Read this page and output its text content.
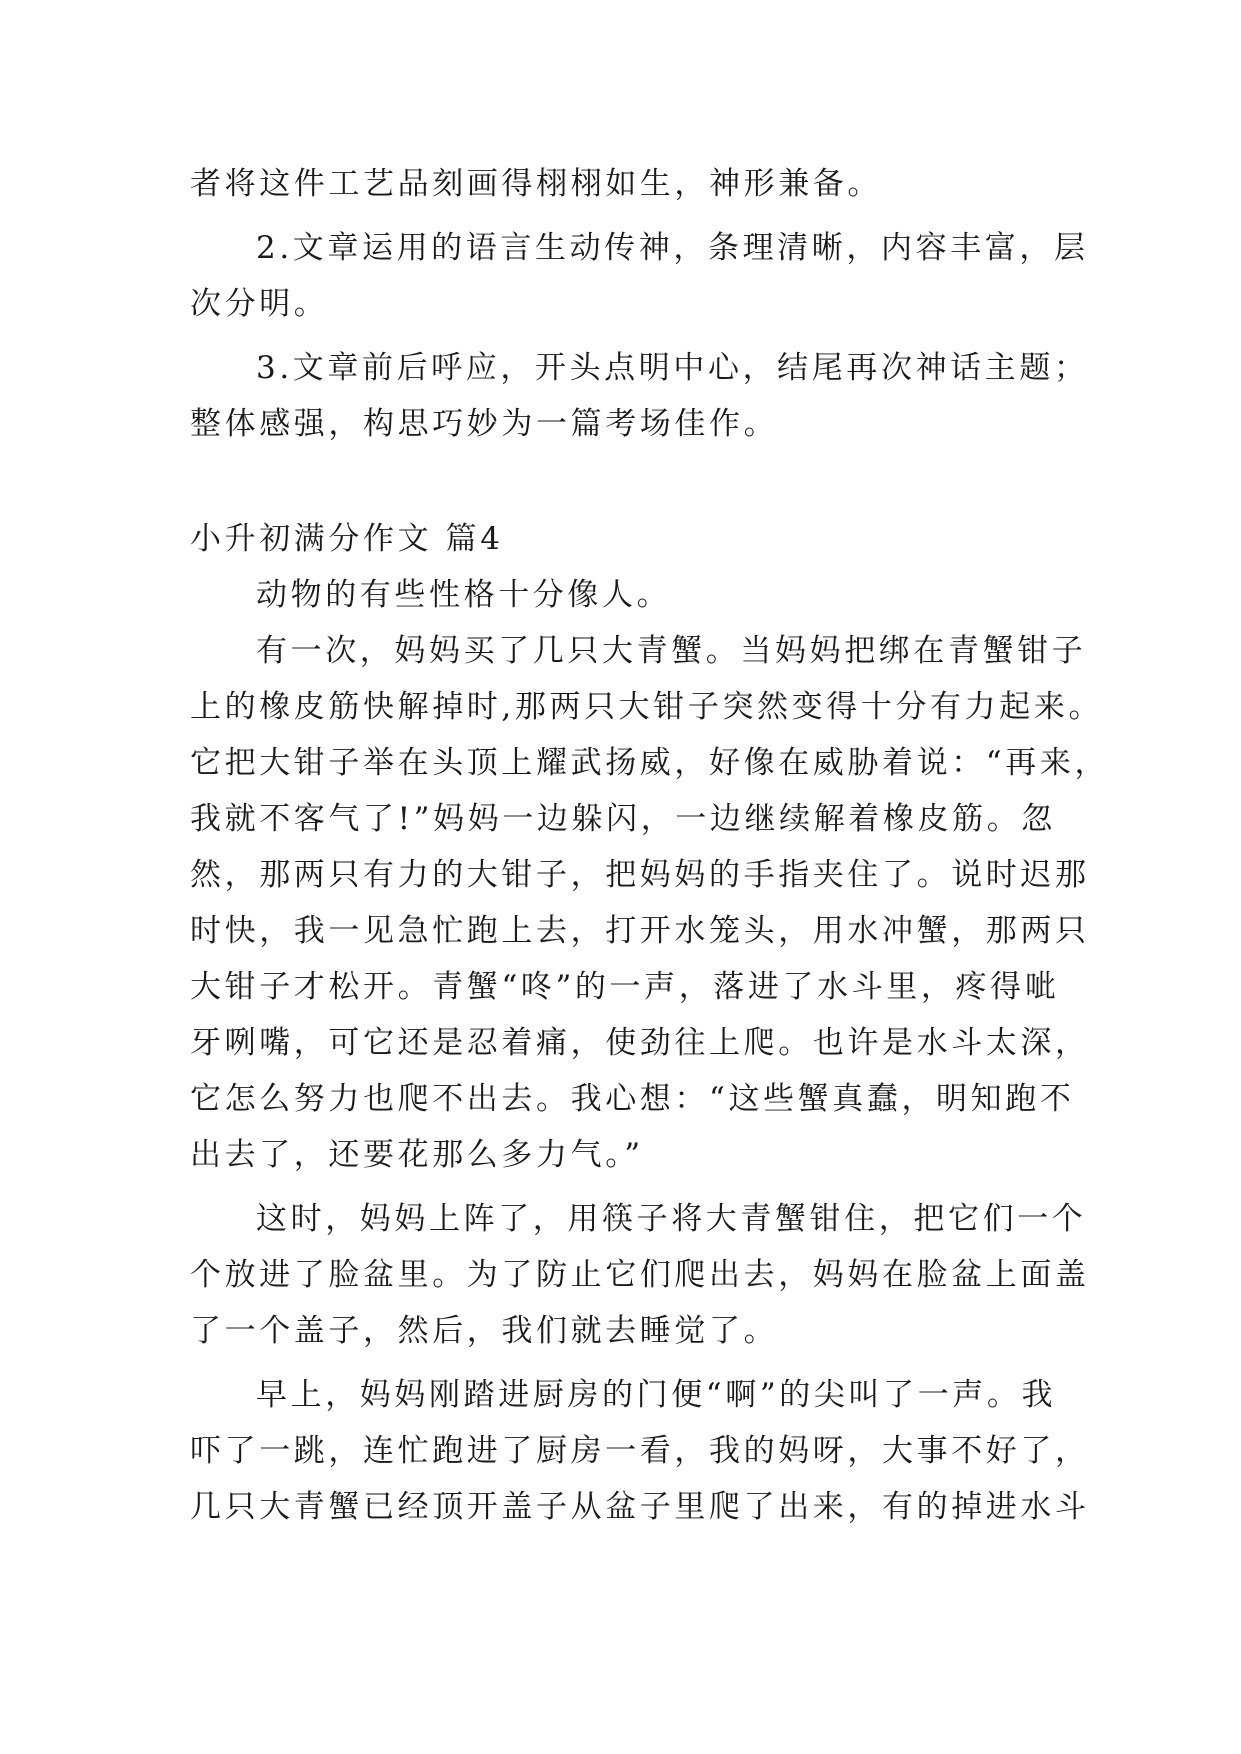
者将这件工艺品刻画得栩栩如生，神形兼备。
2.文章运用的语言生动传神，条理清晰，内容丰富，层
次分明。
3.文章前后呼应，开头点明中心，结尾再次神话主题；
整体感强，构思巧妙为一篇考场佳作。
小升初满分作文 篇4
动物的有些性格十分像人。
有一次，妈妈买了几只大青蟹。当妈妈把绑在青蟹钳子
上的橡皮筋快解掉时,那两只大钳子突然变得十分有力起来。
它把大钳子举在头顶上耀武扬威，好像在威胁着说：“再来，
我就不客气了!”妈妈一边躲闪，一边继续解着橡皮筋。忽
然，那两只有力的大钳子，把妈妈的手指夹住了。说时迟那
时快，我一见急忙跑上去，打开水笼头，用水冲蟹，那两只
大钳子才松开。青蟹“咚”的一声，落进了水斗里，疼得呲
牙咧嘴，可它还是忍着痛，使劲往上爬。也许是水斗太深，
它怎么努力也爬不出去。我心想：“这些蟹真蠢，明知跑不
出去了，还要花那么多力气。”
这时，妈妈上阵了，用筷子将大青蟹钳住，把它们一个
个放进了脸盆里。为了防止它们爬出去，妈妈在脸盆上面盖
了一个盖子，然后，我们就去睡觉了。
早上，妈妈刚踏进厨房的门便“啊”的尖叫了一声。我
吓了一跳，连忙跑进了厨房一看，我的妈呀，大事不好了，
几只大青蟹已经顶开盖子从盆子里爬了出来，有的掉进水斗
